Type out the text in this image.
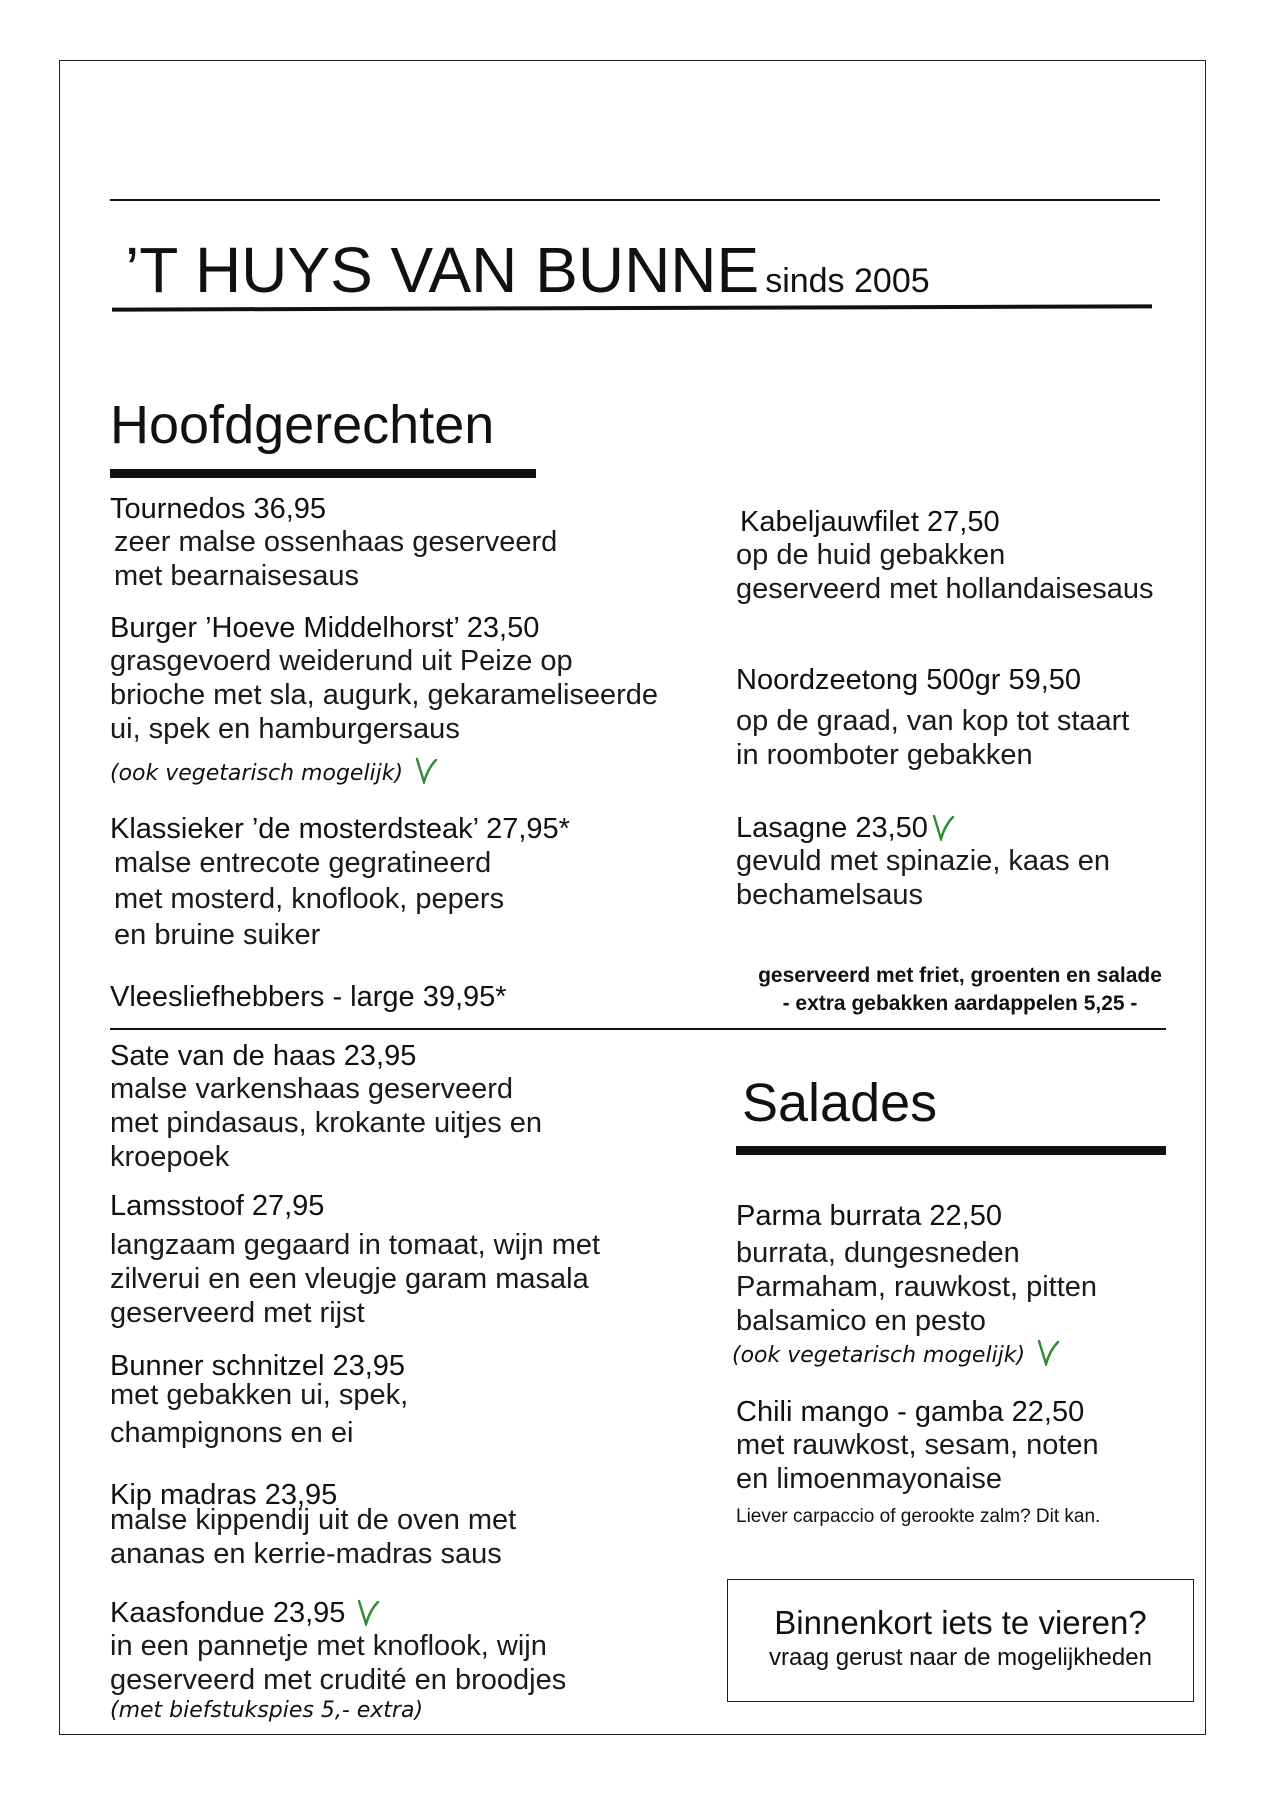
’T HUYS VAN BUNNE sinds 2005
Hoofdgerechten
Tournedos 36,95
zeer malse ossenhaas geserveerd
met bearnaisesaus
Burger ’Hoeve Middelhorst’ 23,50
grasgevoerd weiderund uit Peize op
brioche met sla, augurk, gekarameliseerde
ui, spek en hamburgersaus
(ook vegetarisch mogelijk)
Klassieker ’de mosterdsteak’ 27,95*
malse entrecote gegratineerd
met mosterd, knoflook, pepers
en bruine suiker
Vleesliefhebbers - large 39,95*
Sate van de haas 23,95
malse varkenshaas geserveerd
met pindasaus, krokante uitjes en
kroepoek
Lamsstoof 27,95
langzaam gegaard in tomaat, wijn met
zilverui en een vleugje garam masala
geserveerd met rijst
Bunner schnitzel 23,95
met gebakken ui, spek,
champignons en ei
Kip madras 23,95
malse kippendij uit de oven met
ananas en kerrie-madras saus
Kaasfondue 23,95
in een pannetje met knoflook, wijn
geserveerd met crudité en broodjes
(met biefstukspies 5,- extra)
Kabeljauwfilet 27,50
op de huid gebakken
geserveerd met hollandaisesaus
Noordzeetong 500gr 59,50
op de graad, van kop tot staart
in roomboter gebakken
Lasagne 23,50
gevuld met spinazie, kaas en
bechamelsaus
geserveerd met friet, groenten en salade
- extra gebakken aardappelen 5,25 -
Salades
Parma burrata 22,50
burrata, dungesneden
Parmaham, rauwkost, pitten
balsamico en pesto
(ook vegetarisch mogelijk)
Chili mango - gamba 22,50
met rauwkost, sesam, noten
en limoenmayonaise
Liever carpaccio of gerookte zalm? Dit kan.
Binnenkort iets te vieren?
vraag gerust naar de mogelijkheden
